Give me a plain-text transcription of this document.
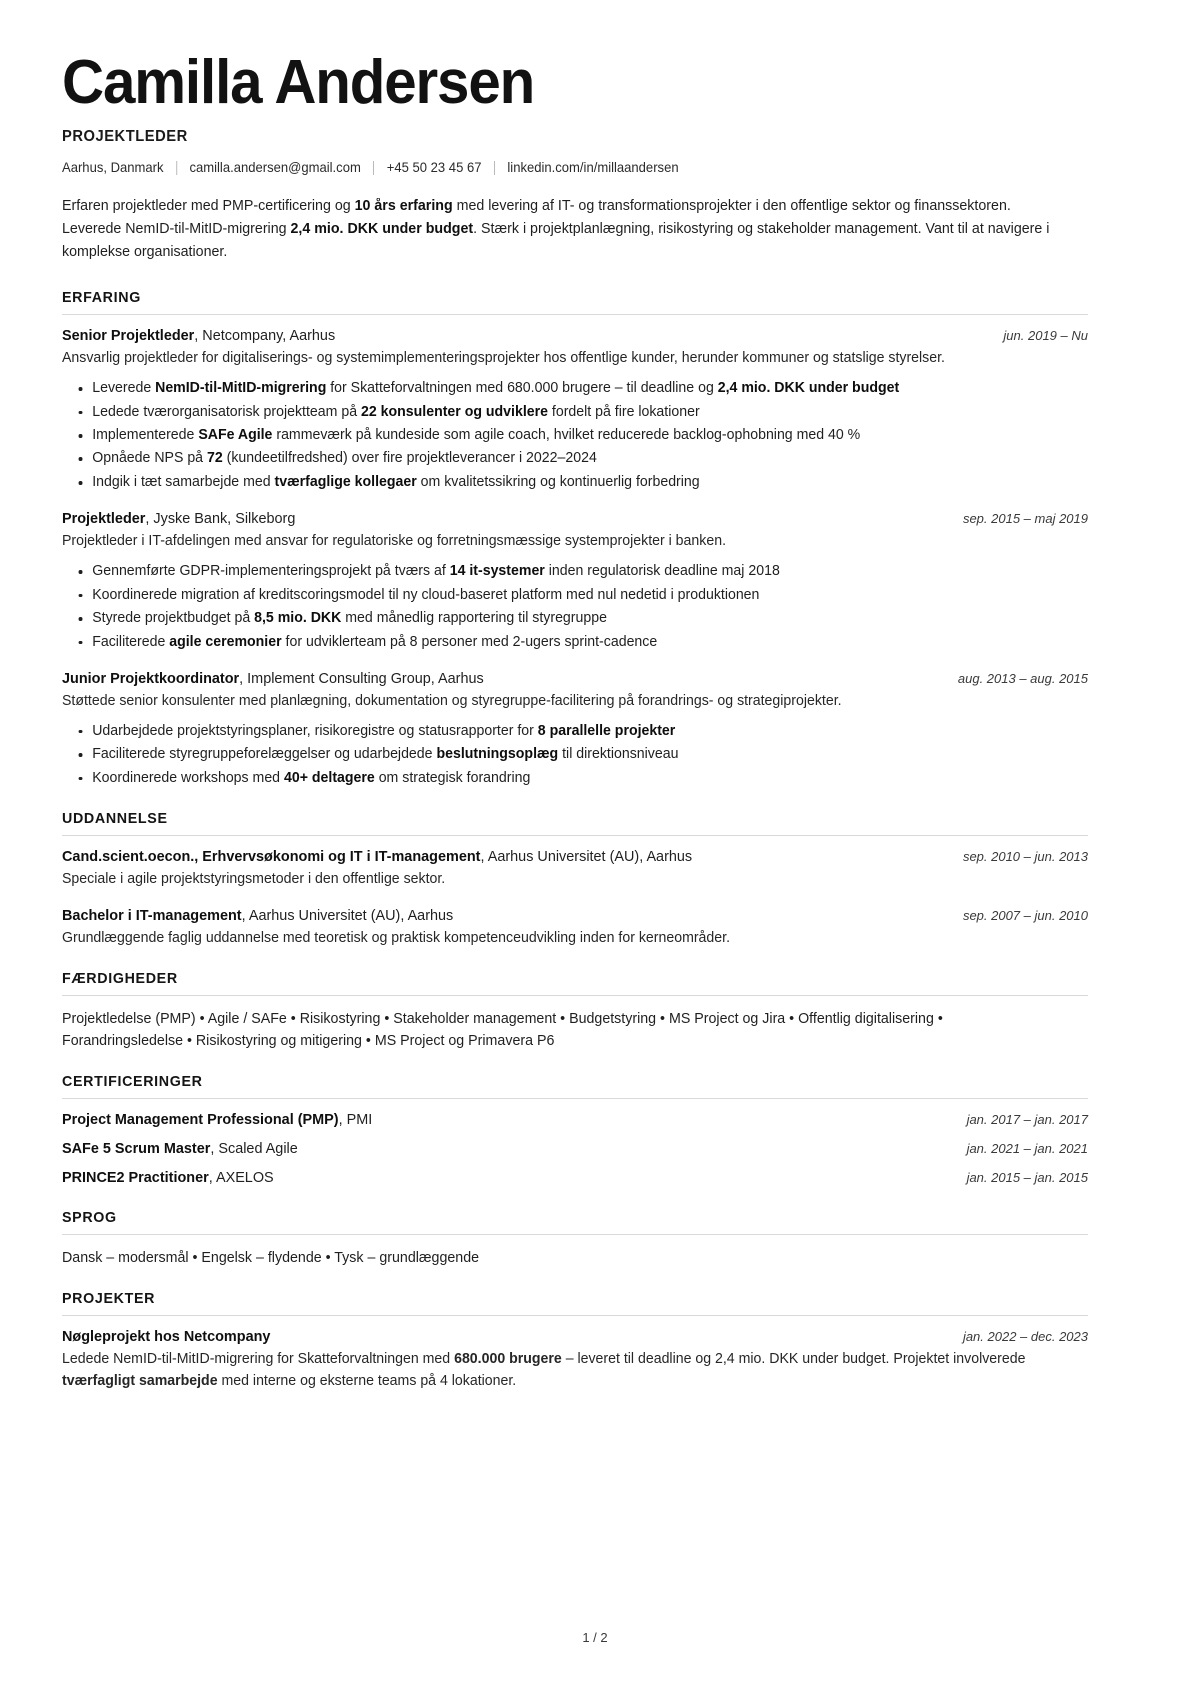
Camilla Andersen
PROJEKTLEDER
Aarhus, Danmark camilla.andersen@gmail.com +45 50 23 45 67 linkedin.com/in/millaandersen

Erfaren projektleder med PMP-certificering og 10 års erfaring med levering af IT- og transformationsprojekter i den offentlige sektor og finanssektoren. Leverede NemID-til-MitID-migrering 2,4 mio. DKK under budget. Stærk i projektplanlægning, risikostyring og stakeholder management. Vant til at navigere i komplekse organisationer.

ERFARING
Senior Projektleder, Netcompany, Aarhus	jun. 2019 – Nu
Ansvarlig projektleder for digitaliserings- og systemimplementeringsprojekter hos offentlige kunder, herunder kommuner og statslige styrelser.
Leverede NemID-til-MitID-migrering for Skatteforvaltningen med 680.000 brugere – til deadline og 2,4 mio. DKK under budget
Ledede tværorganisatorisk projektteam på 22 konsulenter og udviklere fordelt på fire lokationer
Implementerede SAFe Agile rammeværk på kundeside som agile coach, hvilket reducerede backlog-ophobning med 40 %
Opnåede NPS på 72 (kundeetilfredshed) over fire projektleverancer i 2022–2024
Indgik i tæt samarbejde med tværfaglige kollegaer om kvalitetssikring og kontinuerlig forbedring
Projektleder, Jyske Bank, Silkeborg	sep. 2015 – maj 2019
Projektleder i IT-afdelingen med ansvar for regulatoriske og forretningsmæssige systemprojekter i banken.
Gennemførte GDPR-implementeringsprojekt på tværs af 14 it-systemer inden regulatorisk deadline maj 2018
Koordinerede migration af kreditscoringsmodel til ny cloud-baseret platform med nul nedetid i produktionen
Styrede projektbudget på 8,5 mio. DKK med månedlig rapportering til styregruppe
Faciliterede agile ceremonier for udviklerteam på 8 personer med 2-ugers sprint-cadence
Junior Projektkoordinator, Implement Consulting Group, Aarhus	aug. 2013 – aug. 2015
Støttede senior konsulenter med planlægning, dokumentation og styregruppe-facilitering på forandrings- og strategiprojekter.
Udarbejdede projektstyringsplaner, risikoregistre og statusrapporter for 8 parallelle projekter
Faciliterede styregruppeforelæggelser og udarbejdede beslutningsoplæg til direktionsniveau
Koordinerede workshops med 40+ deltagere om strategisk forandring
UDDANNELSE
Cand.scient.oecon., Erhvervsøkonomi og IT i IT-management, Aarhus Universitet (AU), Aarhus	sep. 2010 – jun. 2013
Speciale i agile projektstyringsmetoder i den offentlige sektor.
Bachelor i IT-management, Aarhus Universitet (AU), Aarhus	sep. 2007 – jun. 2010
Grundlæggende faglig uddannelse med teoretisk og praktisk kompetenceudvikling inden for kerneområder.
FÆRDIGHEDER

Projektledelse (PMP) • Agile / SAFe • Risikostyring • Stakeholder management • Budgetstyring • MS Project og Jira • Offentlig digitalisering • Forandringsledelse • Risikostyring og mitigering • MS Project og Primavera P6

CERTIFICERINGER
Project Management Professional (PMP), PMI	jan. 2017 – jan. 2017
SAFe 5 Scrum Master, Scaled Agile	jan. 2021 – jan. 2021
PRINCE2 Practitioner, AXELOS	jan. 2015 – jan. 2015
SPROG

Dansk – modersmål • Engelsk – flydende • Tysk – grundlæggende

PROJEKTER
Nøgleprojekt hos Netcompany	jan. 2022 – dec. 2023
Ledede NemID-til-MitID-migrering for Skatteforvaltningen med 680.000 brugere – leveret til deadline og 2,4 mio. DKK under budget. Projektet involverede tværfagligt samarbejde med interne og eksterne teams på 4 lokationer.
1 / 2
